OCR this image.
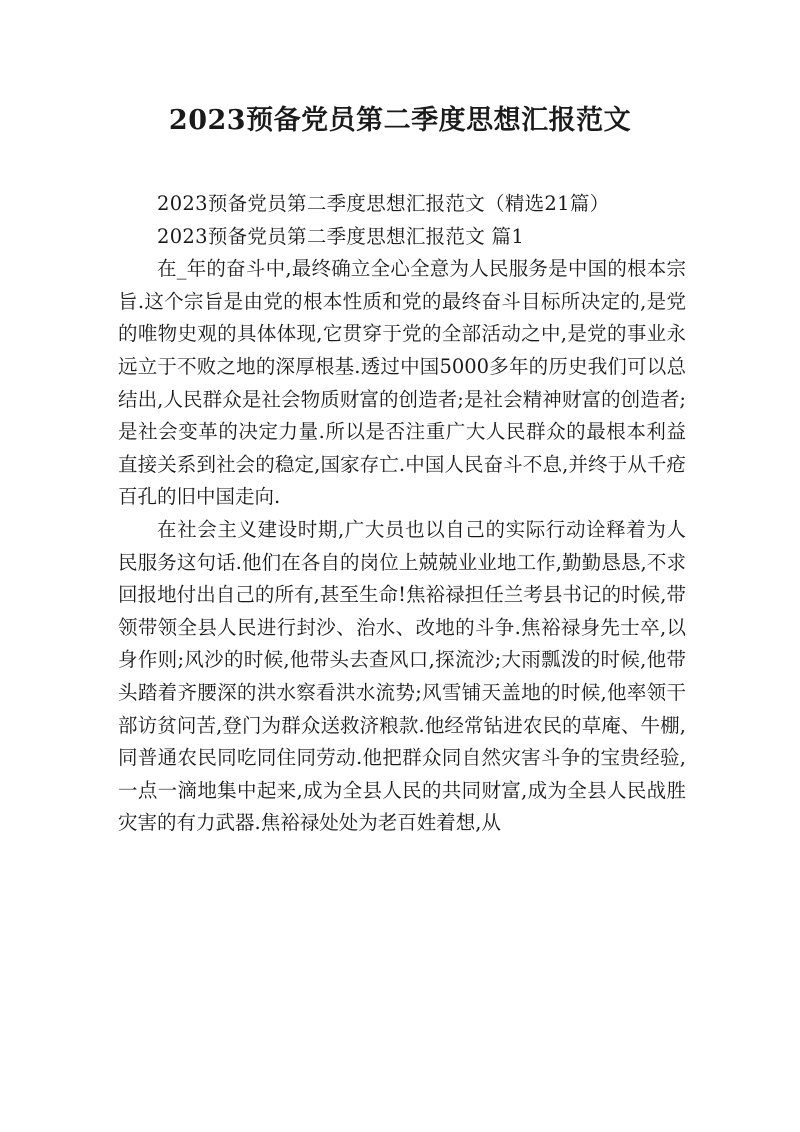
2023预备党员第二季度思想汇报范文

2023预备党员第二季度思想汇报范文（精选21篇）

2023预备党员第二季度思想汇报范文 篇1

在_年的奋斗中,最终确立全心全意为人民服务是中国的根本宗旨.这个宗旨是由党的根本性质和党的最终奋斗目标所决定的,是党的唯物史观的具体体现,它贯穿于党的全部活动之中,是党的事业永远立于不败之地的深厚根基.透过中国5000多年的历史我们可以总结出,人民群众是社会物质财富的创造者;是社会精神财富的创造者;是社会变革的决定力量.所以是否注重广大人民群众的最根本利益直接关系到社会的稳定,国家存亡.中国人民奋斗不息,并终于从千疮百孔的旧中国走向.

在社会主义建设时期,广大员也以自己的实际行动诠释着为人民服务这句话.他们在各自的岗位上兢兢业业地工作,勤勤恳恳,不求回报地付出自己的所有,甚至生命!焦裕禄担任兰考县书记的时候,带领带领全县人民进行封沙、治水、改地的斗争.焦裕禄身先士卒,以身作则;风沙的时候,他带头去查风口,探流沙;大雨瓢泼的时候,他带头踏着齐腰深的洪水察看洪水流势;风雪铺天盖地的时候,他率领干部访贫问苦,登门为群众送救济粮款.他经常钻进农民的草庵、牛棚,同普通农民同吃同住同劳动.他把群众同自然灾害斗争的宝贵经验,一点一滴地集中起来,成为全县人民的共同财富,成为全县人民战胜灾害的有力武器.焦裕禄处处为老百姓着想,从
